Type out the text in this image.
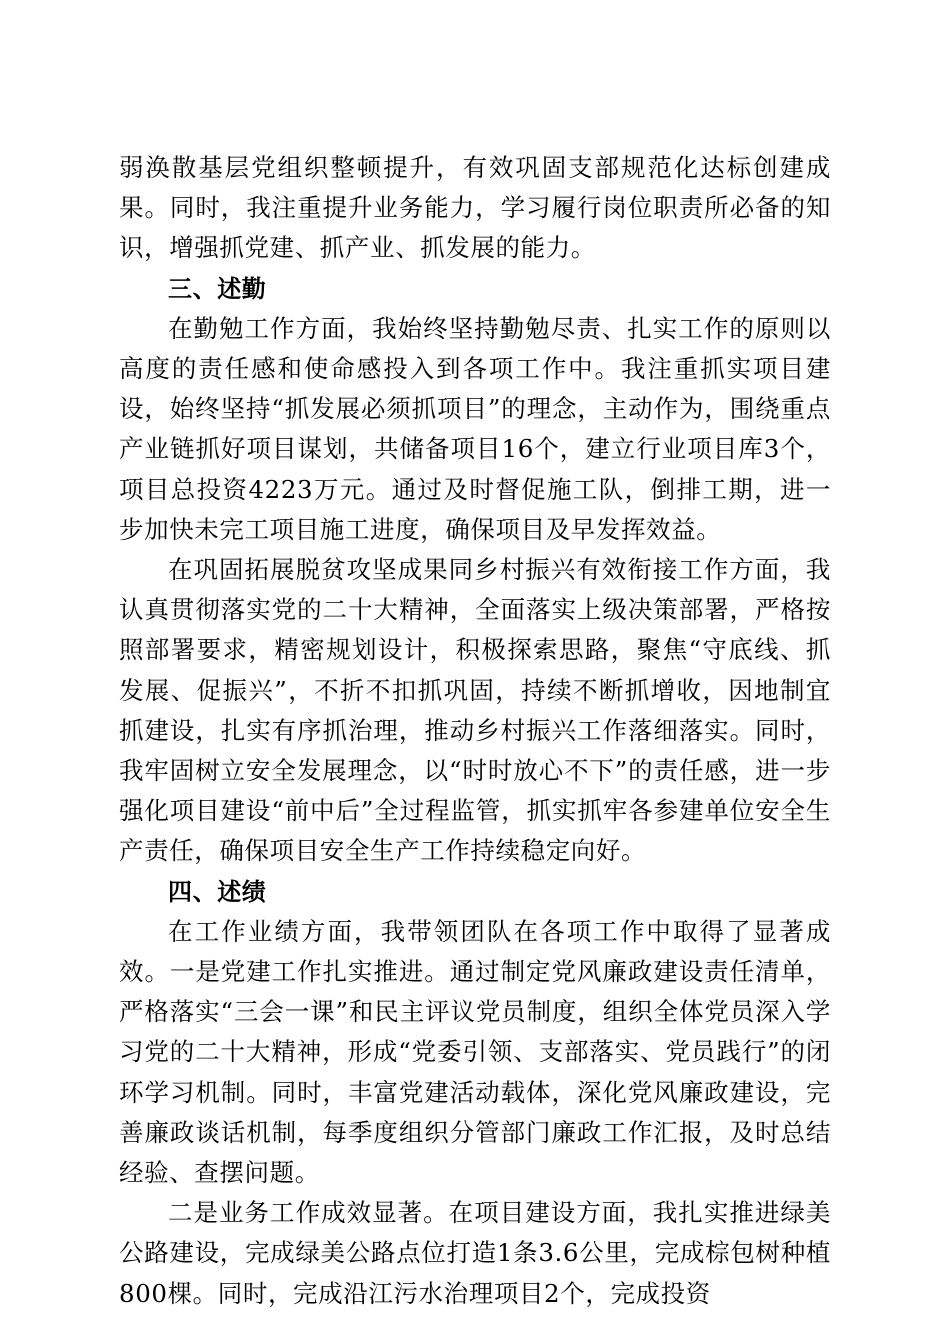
弱涣散基层党组织整顿提升，有效巩固支部规范化达标创建成果。同时，我注重提升业务能力，学习履行岗位职责所必备的知识，增强抓党建、抓产业、抓发展的能力。

三、述勤

在勤勉工作方面，我始终坚持勤勉尽责、扎实工作的原则以高度的责任感和使命感投入到各项工作中。我注重抓实项目建设，始终坚持“抓发展必须抓项目”的理念，主动作为，围绕重点产业链抓好项目谋划，共储备项目16个，建立行业项目库3个，项目总投资4223万元。通过及时督促施工队，倒排工期，进一步加快未完工项目施工进度，确保项目及早发挥效益。

在巩固拓展脱贫攻坚成果同乡村振兴有效衔接工作方面，我认真贯彻落实党的二十大精神，全面落实上级决策部署，严格按照部署要求，精密规划设计，积极探索思路，聚焦“守底线、抓发展、促振兴”，不折不扣抓巩固，持续不断抓增收，因地制宜抓建设，扎实有序抓治理，推动乡村振兴工作落细落实。同时，我牢固树立安全发展理念，以“时时放心不下”的责任感，进一步强化项目建设“前中后”全过程监管，抓实抓牢各参建单位安全生产责任，确保项目安全生产工作持续稳定向好。

四、述绩

在工作业绩方面，我带领团队在各项工作中取得了显著成效。一是党建工作扎实推进。通过制定党风廉政建设责任清单，严格落实“三会一课”和民主评议党员制度，组织全体党员深入学习党的二十大精神，形成“党委引领、支部落实、党员践行”的闭环学习机制。同时，丰富党建活动载体，深化党风廉政建设，完善廉政谈话机制，每季度组织分管部门廉政工作汇报，及时总结经验、查摆问题。

二是业务工作成效显著。在项目建设方面，我扎实推进绿美公路建设，完成绿美公路点位打造1条3.6公里，完成棕包树种植800棵。同时，完成沿江污水治理项目2个，完成投资
